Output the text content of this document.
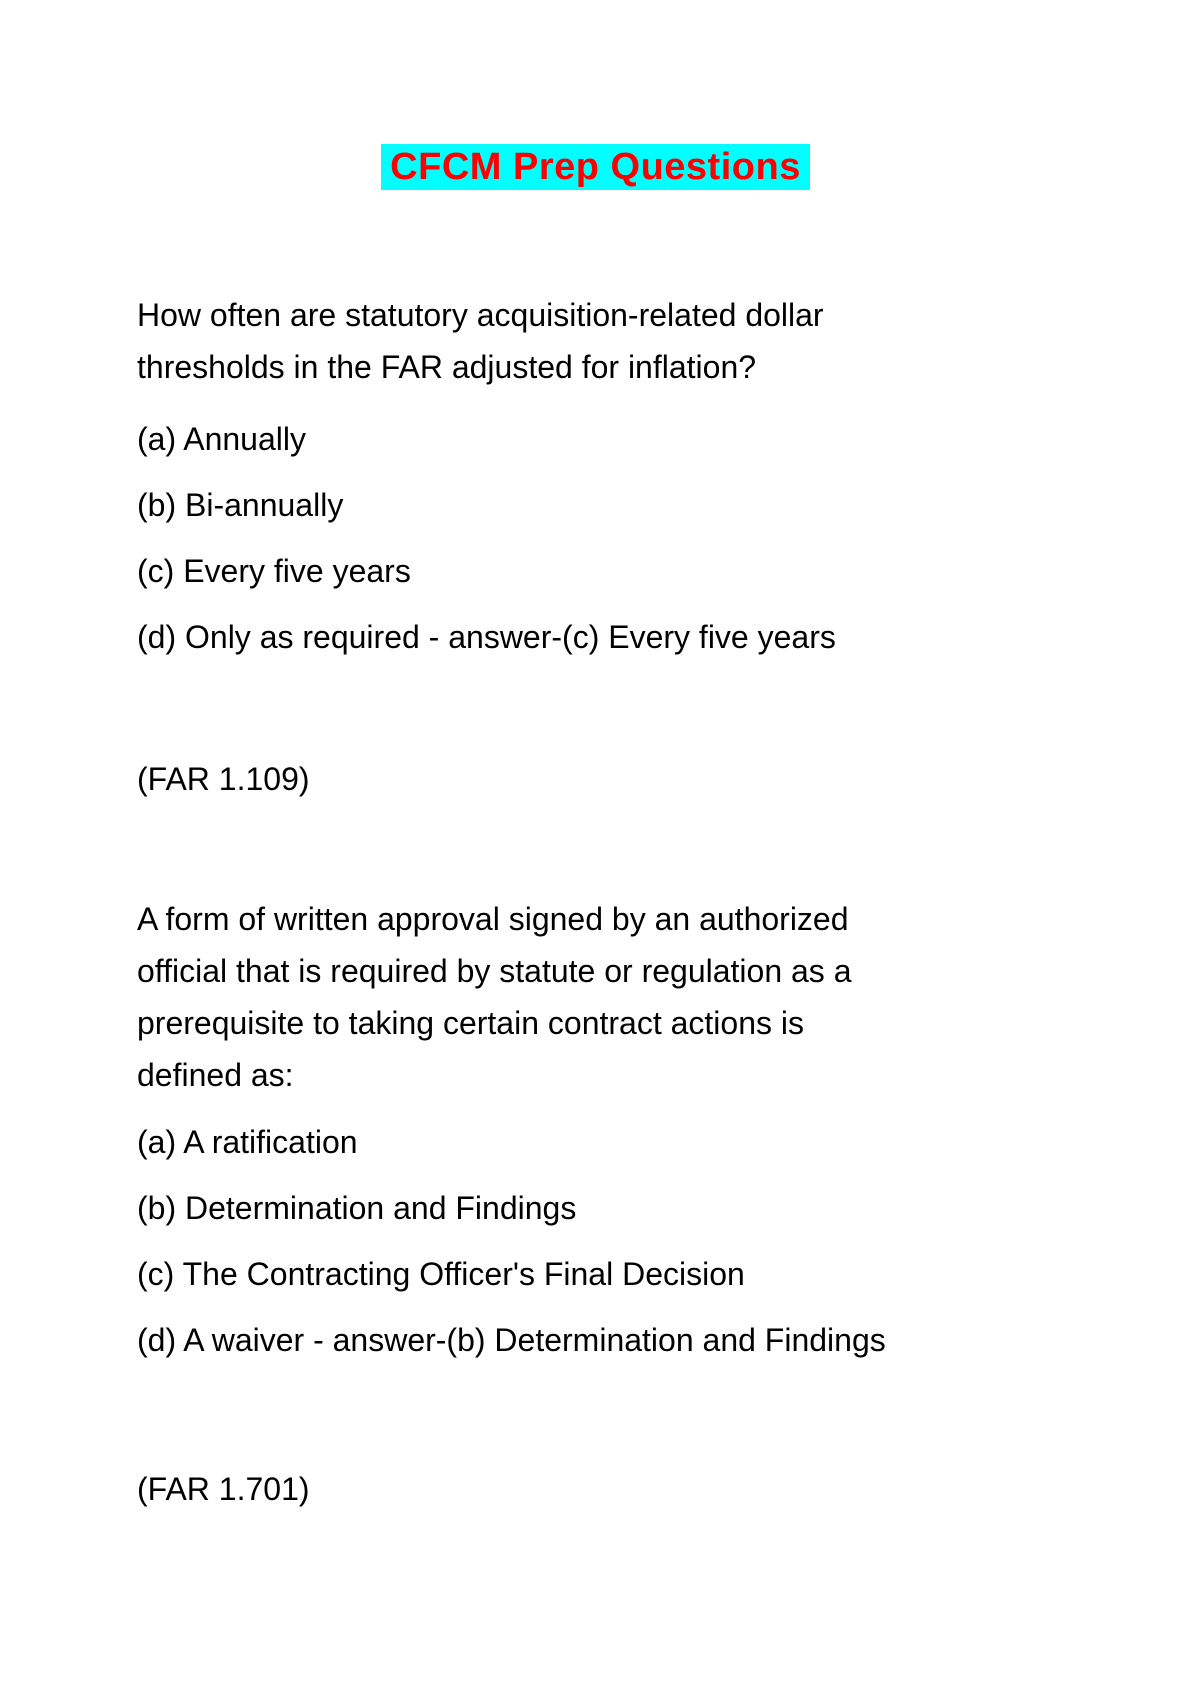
CFCM Prep Questions
How often are statutory acquisition-related dollar
thresholds in the FAR adjusted for inflation?
(a) Annually
(b) Bi-annually
(c) Every five years
(d) Only as required - answer-(c) Every five years
(FAR 1.109)
A form of written approval signed by an authorized
official that is required by statute or regulation as a
prerequisite to taking certain contract actions is
defined as:
(a) A ratification
(b) Determination and Findings
(c) The Contracting Officer's Final Decision
(d) A waiver - answer-(b) Determination and Findings
(FAR 1.701)
